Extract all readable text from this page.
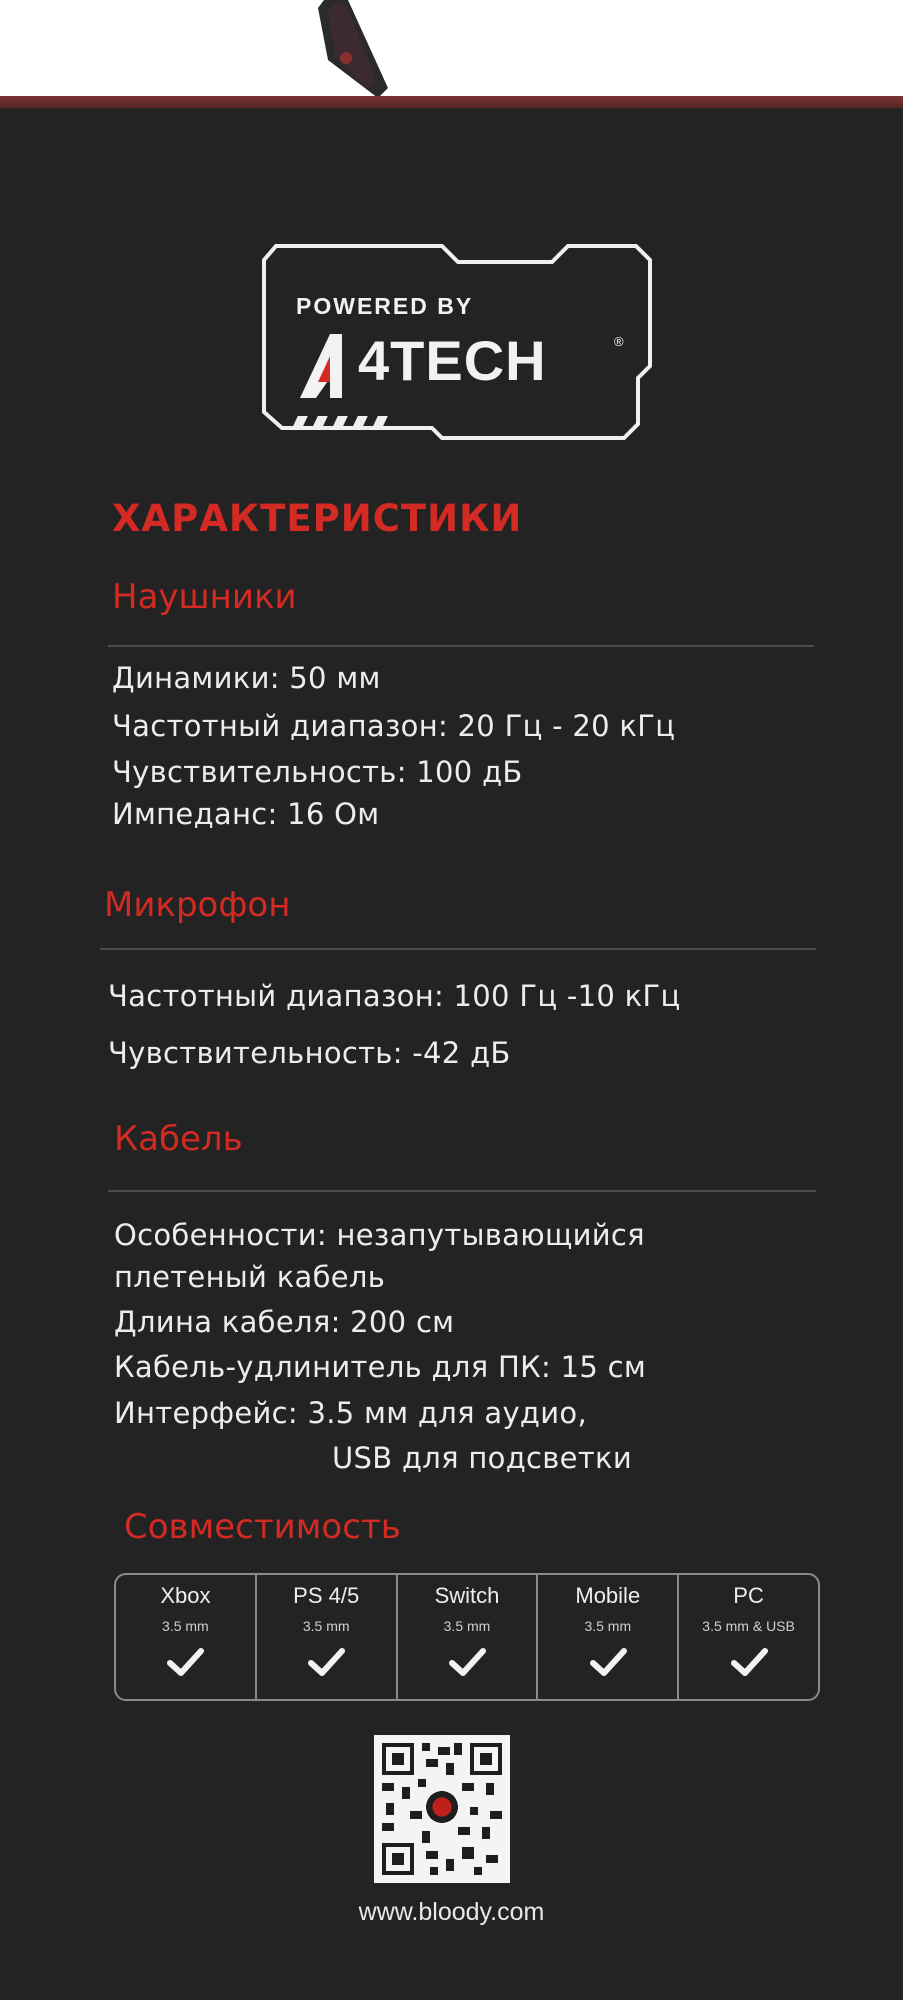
POWERED BY
4TECH	®
ХАРАКТЕРИСТИКИ
Наушники
Динамики: 50 мм
Частотный диапазон: 20 Гц - 20 кГц
Чувствительность: 100 дБ
Импеданс: 16 Ом
Микрофон
Частотный диапазон: 100 Гц -10 кГц
Чувствительность: -42 дБ
Кабель
Особенности: незапутывающийся
плетеный кабель
Длина кабеля: 200 см
Кабель-удлинитель для ПК: 15 см
Интерфейс: 3.5 мм для аудио,
USB для подсветки
Совместимость
Xbox
3.5 mm
PS 4/5
3.5 mm
Switch
3.5 mm
Mobile
3.5 mm
PC
3.5 mm & USB
www.bloody.com
